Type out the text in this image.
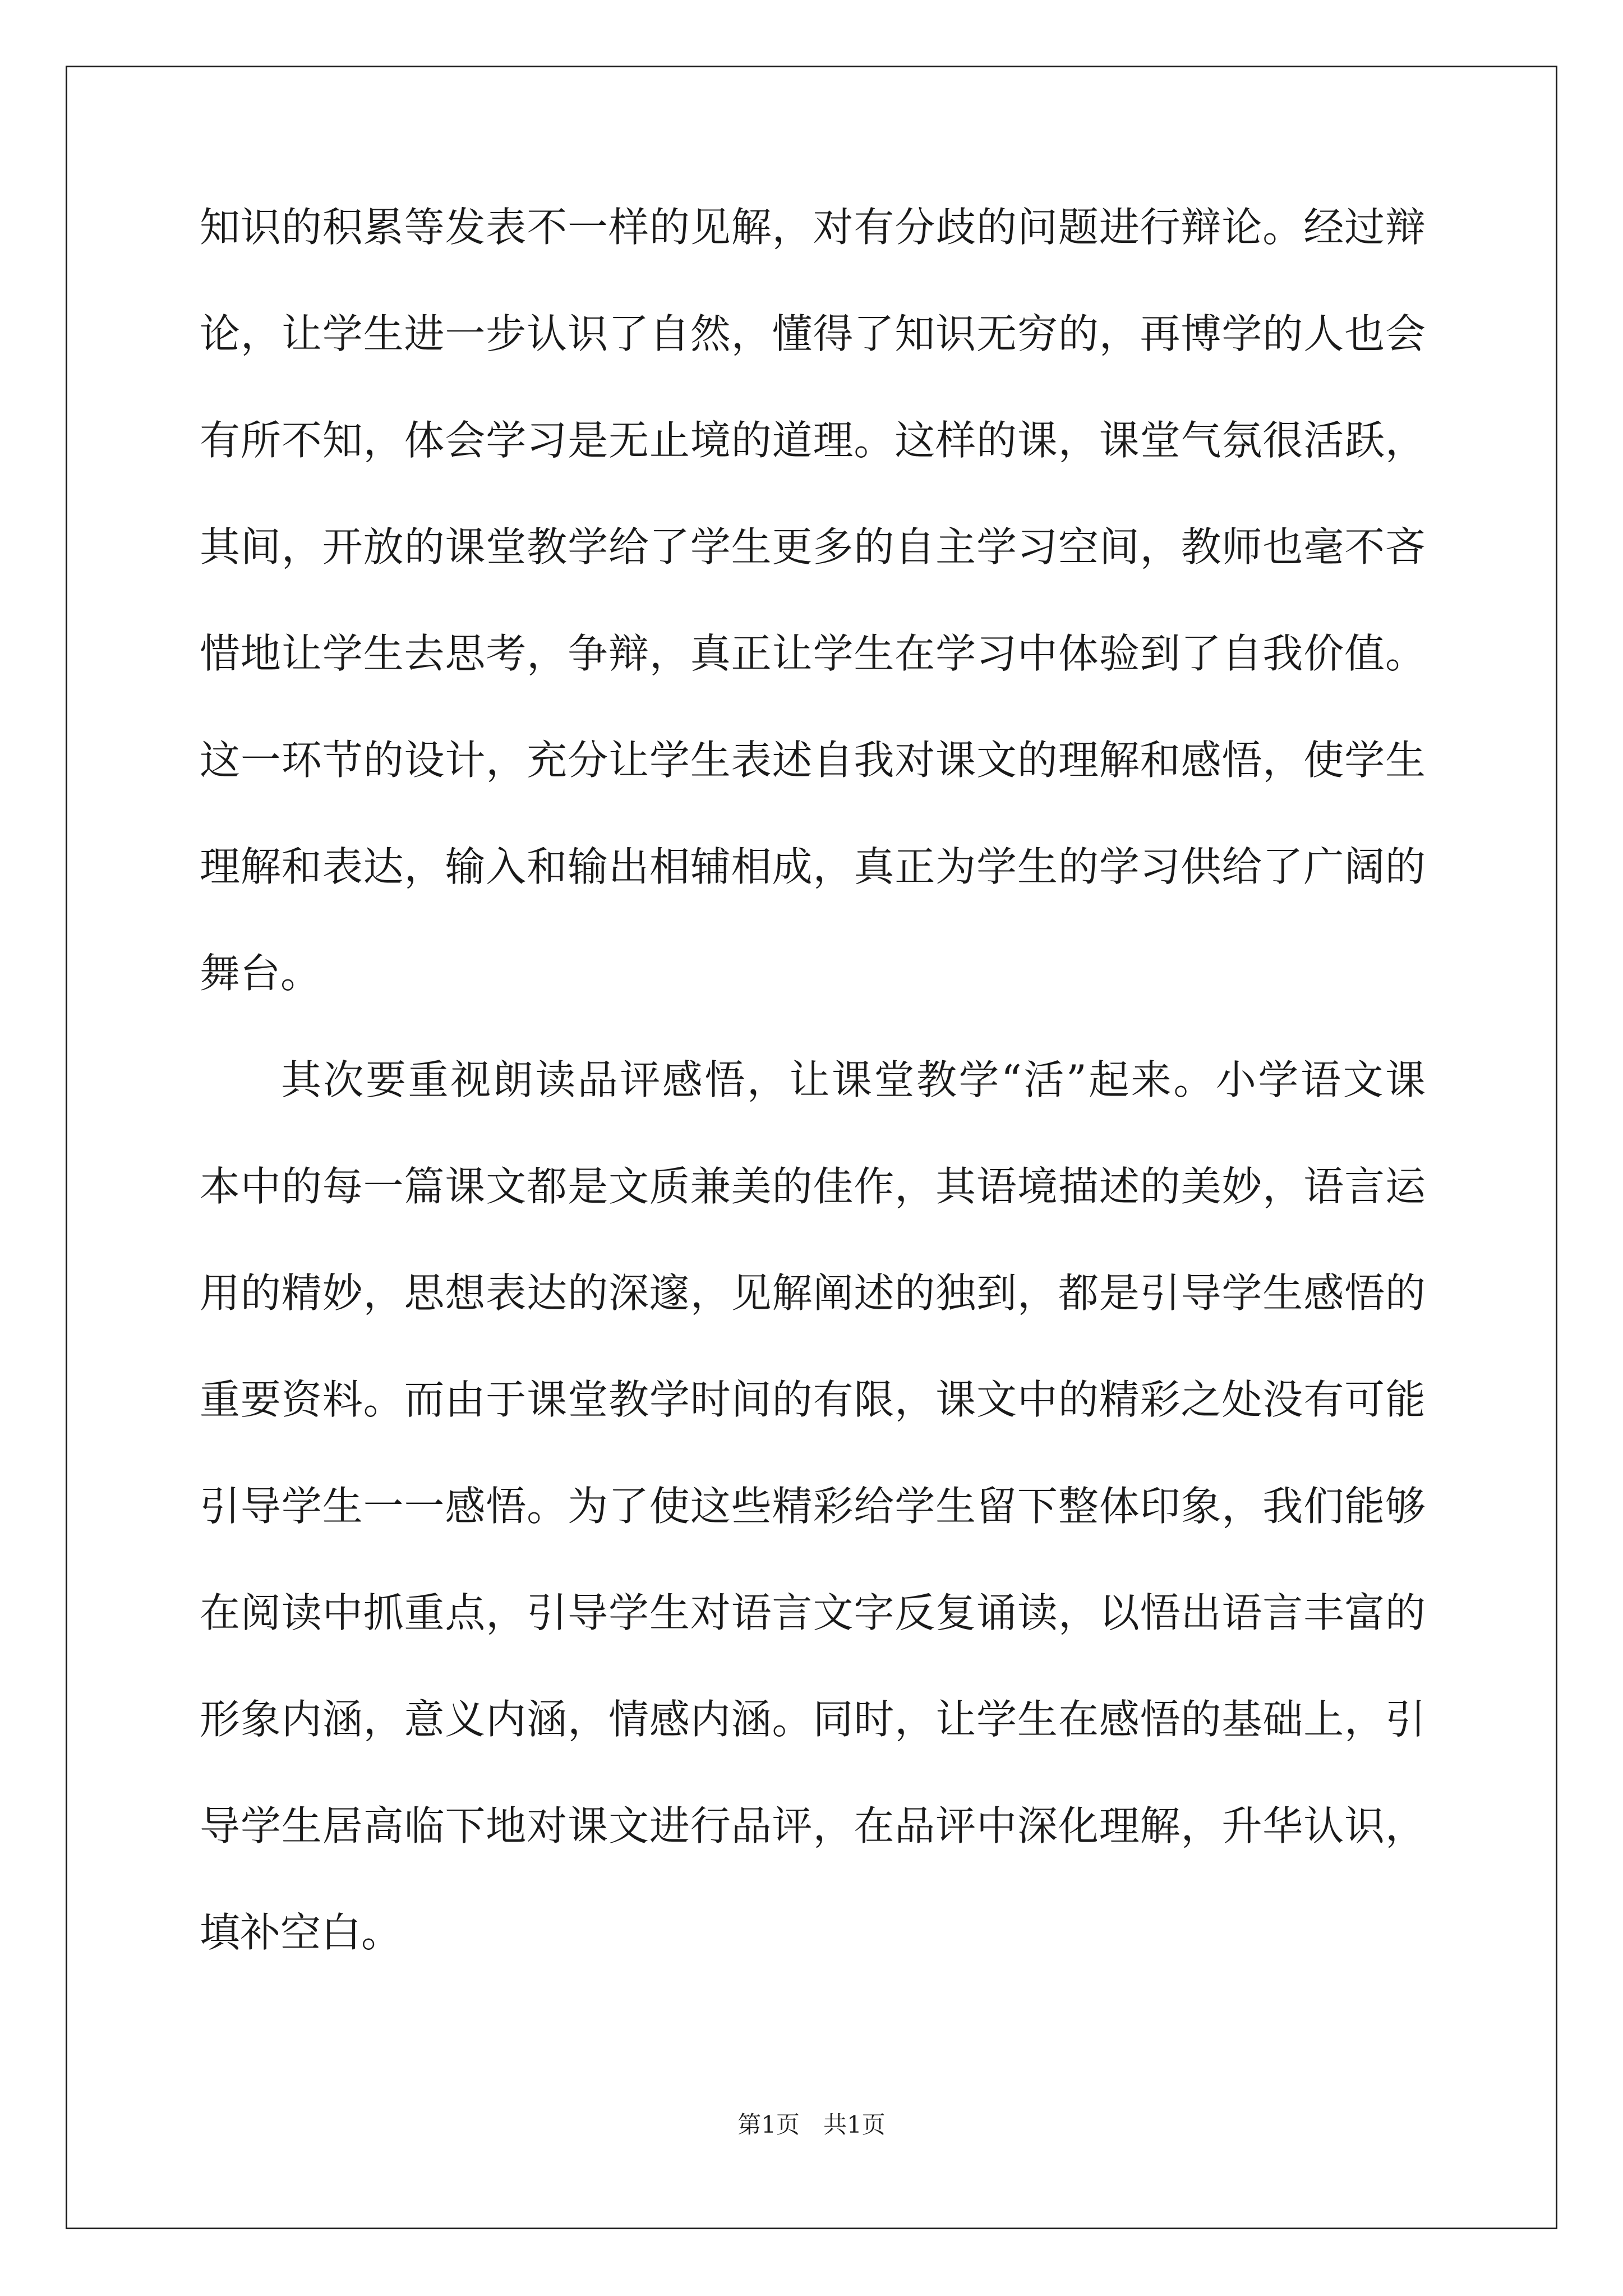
知识的积累等发表不一样的见解，对有分歧的问题进行辩论。经过辩
论，让学生进一步认识了自然，懂得了知识无穷的，再博学的人也会
有所不知，体会学习是无止境的道理。这样的课，课堂气氛很活跃，
其间，开放的课堂教学给了学生更多的自主学习空间，教师也毫不吝
惜地让学生去思考，争辩，真正让学生在学习中体验到了自我价值。
这一环节的设计，充分让学生表述自我对课文的理解和感悟，使学生
理解和表达，输入和输出相辅相成，真正为学生的学习供给了广阔的
舞台。
其次要重视朗读品评感悟，让课堂教学“活”起来。小学语文课
本中的每一篇课文都是文质兼美的佳作，其语境描述的美妙，语言运
用的精妙，思想表达的深邃，见解阐述的独到，都是引导学生感悟的
重要资料。而由于课堂教学时间的有限，课文中的精彩之处没有可能
引导学生一一感悟。为了使这些精彩给学生留下整体印象，我们能够
在阅读中抓重点，引导学生对语言文字反复诵读，以悟出语言丰富的
形象内涵，意义内涵，情感内涵。同时，让学生在感悟的基础上，引
导学生居高临下地对课文进行品评，在品评中深化理解，升华认识，
填补空白。
第1页　共1页
